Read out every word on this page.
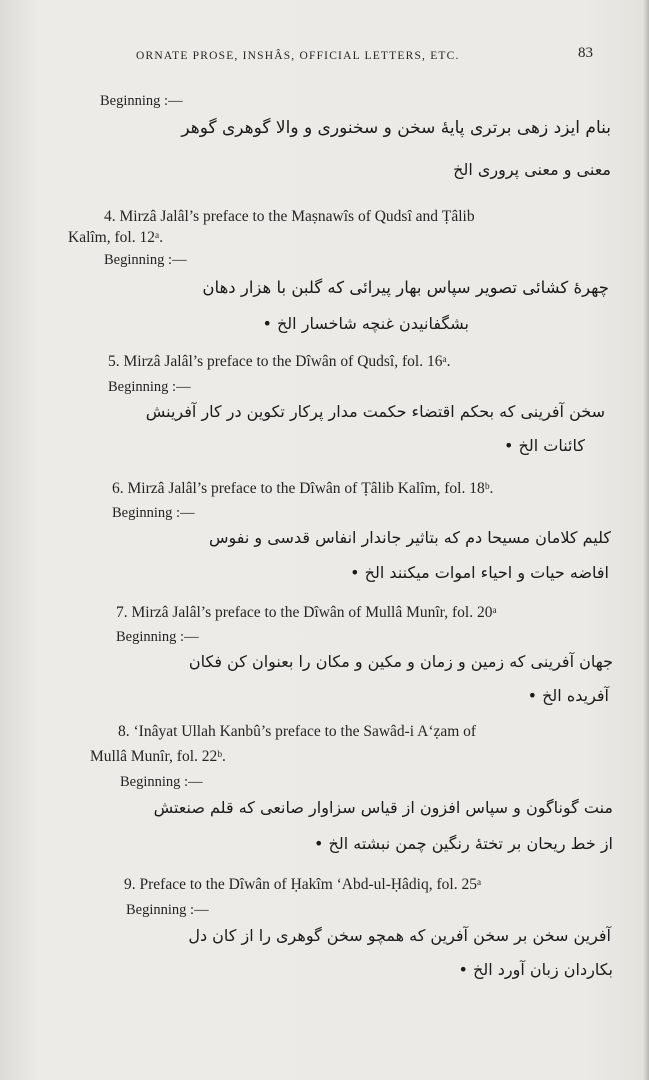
ORNATE PROSE, INSHÂS, OFFICIAL LETTERS, ETC.	83
Beginning :—
بنام ایزد زهی برتری پایهٔ سخن و سخنوری و والا گوهری گوهر
معنی و معنی پروری الخ
4. Mirzâ Jalâl’s preface to the Maṣnawîs of Qudsî and Ṭâlib
Kalîm, fol. 12ᵃ.
Beginning :—
چهرهٔ کشائی تصویر سپاس بهار پیرائی که گلبن با هزار دهان
بشگفانیدن غنچه شاخسار الخ •
5. Mirzâ Jalâl’s preface to the Dîwân of Qudsî, fol. 16ᵃ.
Beginning :—
سخن آفرینی که بحکم اقتضاء حکمت مدار پرکار تکوین در کار آفرینش
کائنات الخ •
6. Mirzâ Jalâl’s preface to the Dîwân of Ṭâlib Kalîm, fol. 18ᵇ.
Beginning :—
کلیم کلامان مسیحا دم که بتاثیر جاندار انفاس قدسی و نفوس
افاضه حیات و احیاء اموات میکنند الخ •
7. Mirzâ Jalâl’s preface to the Dîwân of Mullâ Munîr, fol. 20ᵃ
Beginning :—
جهان آفرینی که زمین و زمان و مکین و مکان را بعنوان کن فکان
آفریده الخ •
8. ‘Inâyat Ullah Kanbû’s preface to the Sawâd-i A‘ẓam of
Mullâ Munîr, fol. 22ᵇ.
Beginning :—
منت گوناگون و سپاس افزون از قیاس سزاوار صانعی که قلم صنعتش
از خط ریحان بر تختهٔ رنگین چمن نبشته الخ •
9. Preface to the Dîwân of Ḥakîm ‘Abd-ul-Ḥâdiq, fol. 25ᵃ
Beginning :—
آفرین سخن بر سخن آفرین که همچو سخن گوهری را از کان دل
بکاردان زبان آورد الخ •
